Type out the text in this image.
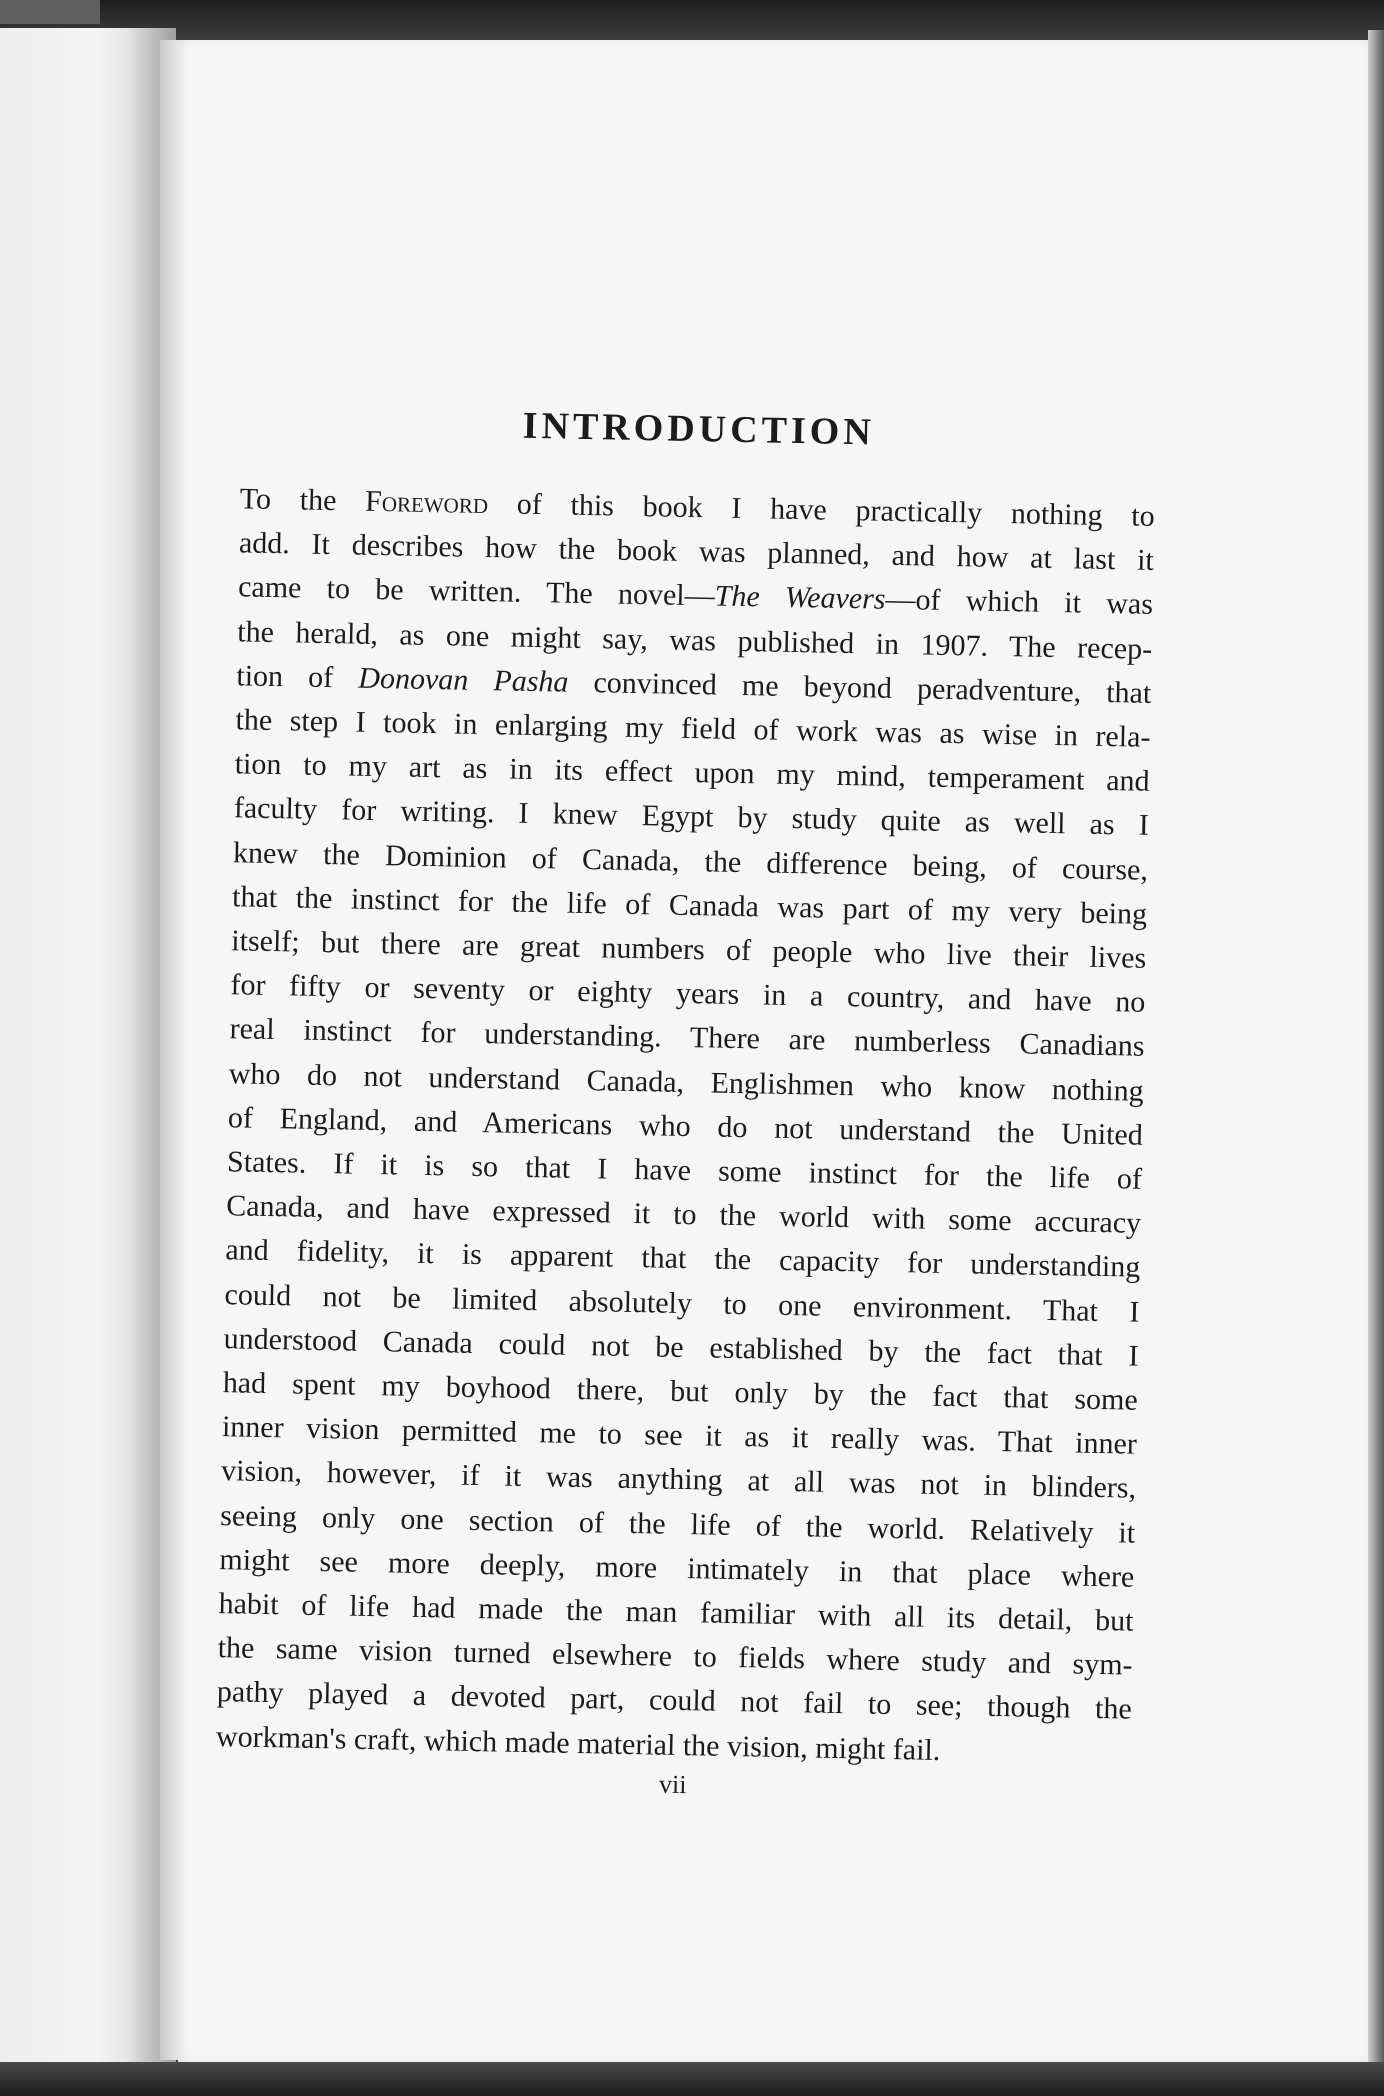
INTRODUCTION
To the Foreword of this book I have practically nothing to
add. It describes how the book was planned, and how at last it
came to be written. The novel—The Weavers—of which it was
the herald, as one might say, was published in 1907. The recep-
tion of Donovan Pasha convinced me beyond peradventure, that
the step I took in enlarging my field of work was as wise in rela-
tion to my art as in its effect upon my mind, temperament and
faculty for writing. I knew Egypt by study quite as well as I
knew the Dominion of Canada, the difference being, of course,
that the instinct for the life of Canada was part of my very being
itself; but there are great numbers of people who live their lives
for fifty or seventy or eighty years in a country, and have no
real instinct for understanding. There are numberless Canadians
who do not understand Canada, Englishmen who know nothing
of England, and Americans who do not understand the United
States. If it is so that I have some instinct for the life of
Canada, and have expressed it to the world with some accuracy
and fidelity, it is apparent that the capacity for understanding
could not be limited absolutely to one environment. That I
understood Canada could not be established by the fact that I
had spent my boyhood there, but only by the fact that some
inner vision permitted me to see it as it really was. That inner
vision, however, if it was anything at all was not in blinders,
seeing only one section of the life of the world. Relatively it
might see more deeply, more intimately in that place where
habit of life had made the man familiar with all its detail, but
the same vision turned elsewhere to fields where study and sym-
pathy played a devoted part, could not fail to see; though the
workman's craft, which made material the vision, might fail.
vii
